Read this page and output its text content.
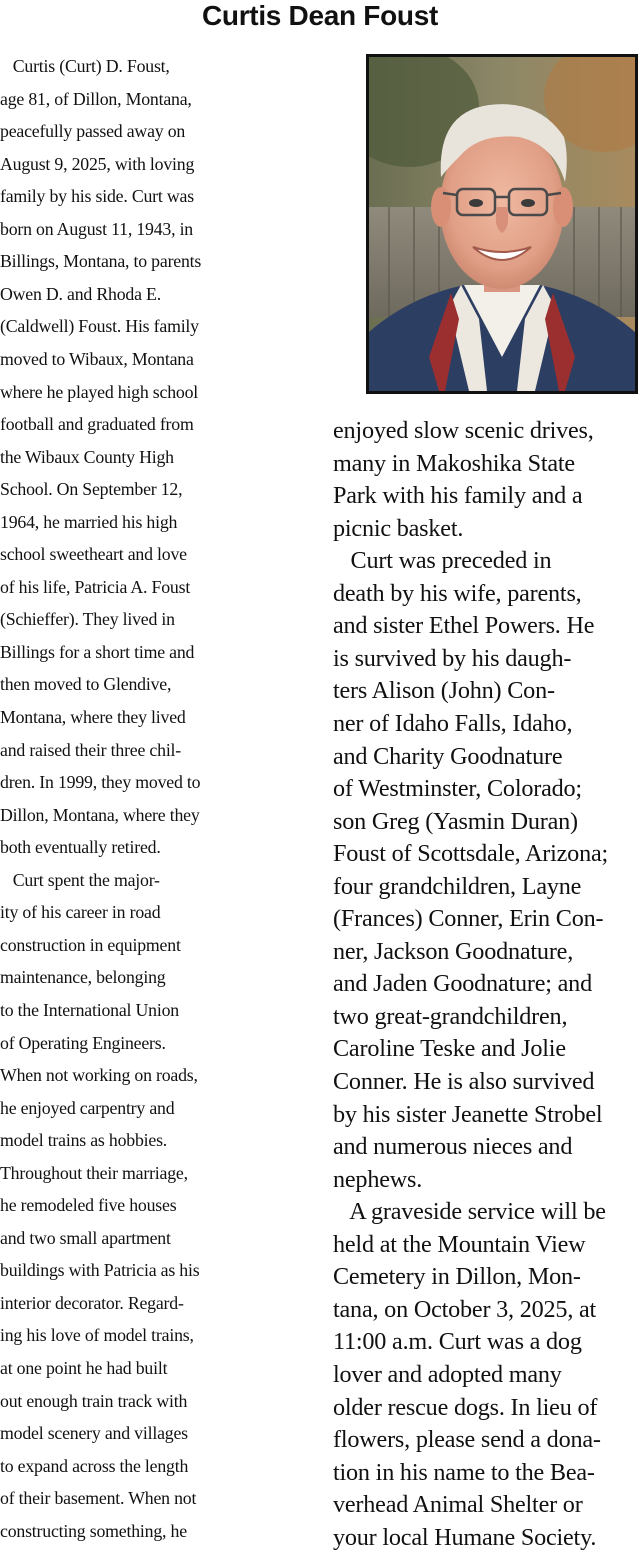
Curtis Dean Foust
Curtis (Curt) D. Foust,
age 81, of Dillon, Montana,
peacefully passed away on
August 9, 2025, with loving
family by his side. Curt was
born on August 11, 1943, in
Billings, Montana, to parents
Owen D. and Rhoda E.
(Caldwell) Foust. His family
moved to Wibaux, Montana
where he played high school
football and graduated from
the Wibaux County High
School. On September 12,
1964, he married his high
school sweetheart and love
of his life, Patricia A. Foust
(Schieffer). They lived in
Billings for a short time and
then moved to Glendive,
Montana, where they lived
and raised their three chil-
dren. In 1999, they moved to
Dillon, Montana, where they
both eventually retired.
Curt spent the major-
ity of his career in road
construction in equipment
maintenance, belonging
to the International Union
of Operating Engineers.
When not working on roads,
he enjoyed carpentry and
model trains as hobbies.
Throughout their marriage,
he remodeled five houses
and two small apartment
buildings with Patricia as his
interior decorator. Regard-
ing his love of model trains,
at one point he had built
out enough train track with
model scenery and villages
to expand across the length
of their basement. When not
constructing something, he
enjoyed slow scenic drives,
many in Makoshika State
Park with his family and a
picnic basket.
Curt was preceded in
death by his wife, parents,
and sister Ethel Powers. He
is survived by his daugh-
ters Alison (John) Con-
ner of Idaho Falls, Idaho,
and Charity Goodnature
of Westminster, Colorado;
son Greg (Yasmin Duran)
Foust of Scottsdale, Arizona;
four grandchildren, Layne
(Frances) Conner, Erin Con-
ner, Jackson Goodnature,
and Jaden Goodnature; and
two great-grandchildren,
Caroline Teske and Jolie
Conner. He is also survived
by his sister Jeanette Strobel
and numerous nieces and
nephews.
A graveside service will be
held at the Mountain View
Cemetery in Dillon, Mon-
tana, on October 3, 2025, at
11:00 a.m. Curt was a dog
lover and adopted many
older rescue dogs. In lieu of
flowers, please send a dona-
tion in his name to the Bea-
verhead Animal Shelter or
your local Humane Society.
